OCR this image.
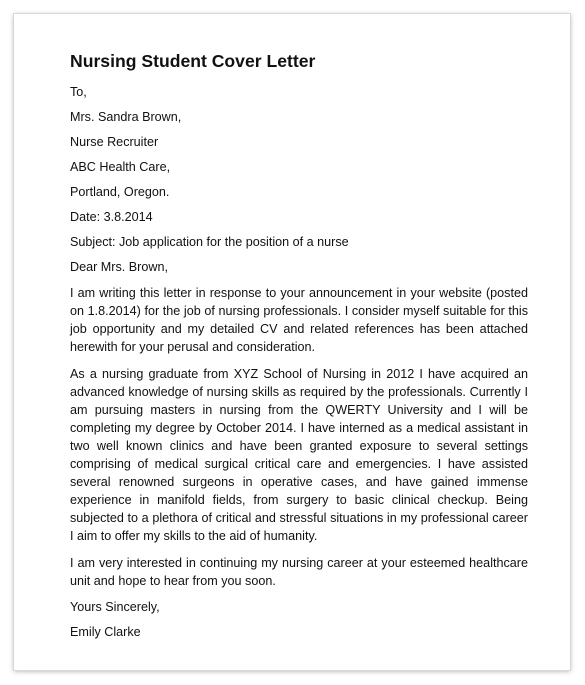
Nursing Student Cover Letter
To,
Mrs. Sandra Brown,
Nurse Recruiter
ABC Health Care,
Portland, Oregon.
Date: 3.8.2014
Subject: Job application for the position of a nurse
Dear Mrs. Brown,
I am writing this letter in response to your announcement in your website (posted on 1.8.2014) for the job of nursing professionals. I consider myself suitable for this job opportunity and my detailed CV and related references has been attached herewith for your perusal and consideration.
As a nursing graduate from XYZ School of Nursing in 2012 I have acquired an advanced knowledge of nursing skills as required by the professionals. Currently I am pursuing masters in nursing from the QWERTY University and I will be completing my degree by October 2014. I have interned as a medical assistant in two well known clinics and have been granted exposure to several settings comprising of medical surgical critical care and emergencies. I have assisted several renowned surgeons in operative cases, and have gained immense experience in manifold fields, from surgery to basic clinical checkup. Being subjected to a plethora of critical and stressful situations in my professional career I aim to offer my skills to the aid of humanity.
I am very interested in continuing my nursing career at your esteemed healthcare unit and hope to hear from you soon.
Yours Sincerely,
Emily Clarke
